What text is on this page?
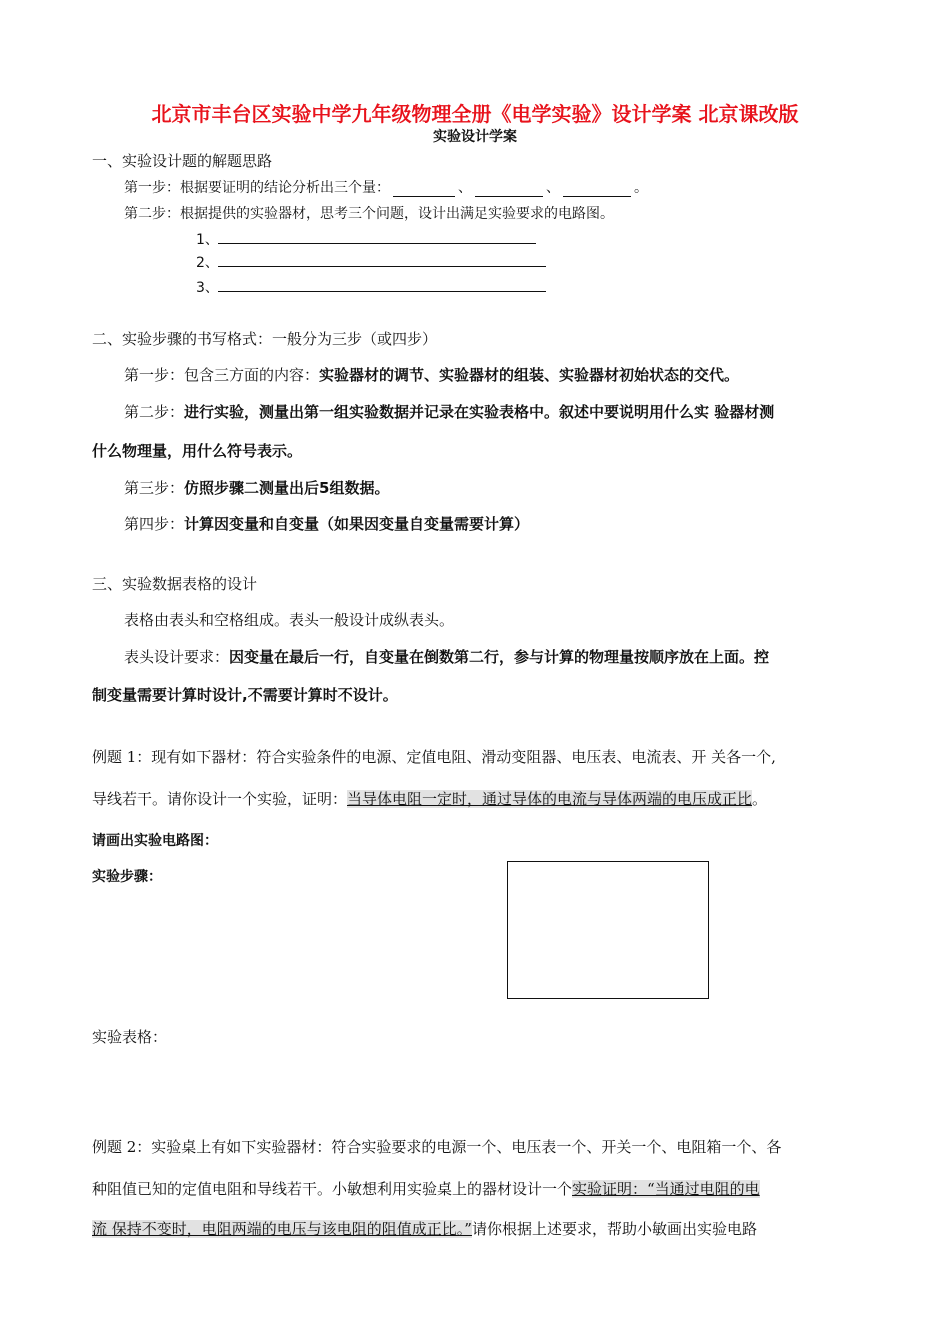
北京市丰台区实验中学九年级物理全册《电学实验》设计学案 北京课改版
实验设计学案
一、实验设计题的解题思路
第一步：根据要证明的结论分析出三个量：	、	、	。
第二步：根据提供的实验器材，思考三个问题，设计出满足实验要求的电路图。
1、
2、
3、
二、实验步骤的书写格式：一般分为三步（或四步）
第一步：包含三方面的内容：实验器材的调节、实验器材的组装、实验器材初始状态的交代。
第二步：进行实验，测量出第一组实验数据并记录在实验表格中。叙述中要说明用什么实 验器材测
什么物理量，用什么符号表示。
第三步：仿照步骤二测量出后5组数据。
第四步：计算因变量和自变量（如果因变量自变量需要计算）
三、实验数据表格的设计
表格由表头和空格组成。表头一般设计成纵表头。
表头设计要求：因变量在最后一行，自变量在倒数第二行，参与计算的物理量按顺序放在上面。控
制变量需要计算时设计,不需要计算时不设计。
例题 1：现有如下器材：符合实验条件的电源、定值电阻、滑动变阻器、电压表、电流表、开 关各一个,
导线若干。请你设计一个实验，证明：当导体电阻一定时，通过导体的电流与导体两端的电压成正比。
请画出实验电路图：
实验步骤：
实验表格：
例题 2：实验桌上有如下实验器材：符合实验要求的电源一个、电压表一个、开关一个、电阻箱一个、各
种阻值已知的定值电阻和导线若干。小敏想利用实验桌上的器材设计一个实验证明：“当通过电阻的电
流 保持不变时，电阻两端的电压与该电阻的阻值成正比。”请你根据上述要求，帮助小敏画出实验电路
